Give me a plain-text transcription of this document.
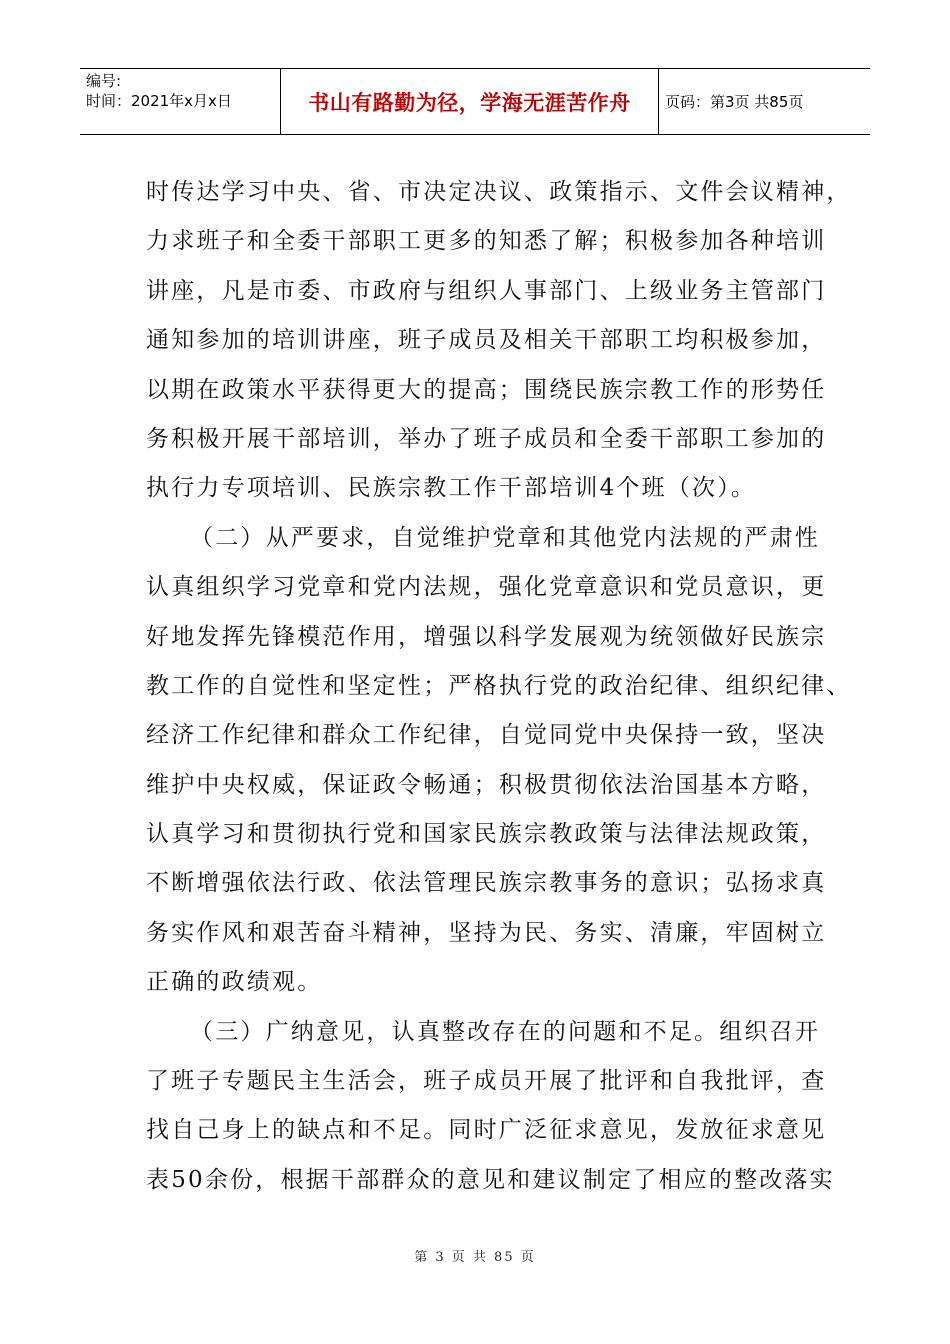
编号:
时间：2021年x月x日	书山有路勤为径，学海无涯苦作舟	页码：第3页 共85页
时传达学习中央、省、市决定决议、政策指示、文件会议精神，
力求班子和全委干部职工更多的知悉了解；积极参加各种培训
讲座，凡是市委、市政府与组织人事部门、上级业务主管部门
通知参加的培训讲座，班子成员及相关干部职工均积极参加，
以期在政策水平获得更大的提高；围绕民族宗教工作的形势任
务积极开展干部培训，举办了班子成员和全委干部职工参加的
执行力专项培训、民族宗教工作干部培训4个班（次）。
（二）从严要求，自觉维护党章和其他党内法规的严肃性
认真组织学习党章和党内法规，强化党章意识和党员意识，更
好地发挥先锋模范作用，增强以科学发展观为统领做好民族宗
教工作的自觉性和坚定性；严格执行党的政治纪律、组织纪律、
经济工作纪律和群众工作纪律，自觉同党中央保持一致，坚决
维护中央权威，保证政令畅通；积极贯彻依法治国基本方略，
认真学习和贯彻执行党和国家民族宗教政策与法律法规政策，
不断增强依法行政、依法管理民族宗教事务的意识；弘扬求真
务实作风和艰苦奋斗精神，坚持为民、务实、清廉，牢固树立
正确的政绩观。
（三）广纳意见，认真整改存在的问题和不足。组织召开
了班子专题民主生活会，班子成员开展了批评和自我批评，查
找自己身上的缺点和不足。同时广泛征求意见，发放征求意见
表50余份，根据干部群众的意见和建议制定了相应的整改落实
第 3 页 共 85 页
